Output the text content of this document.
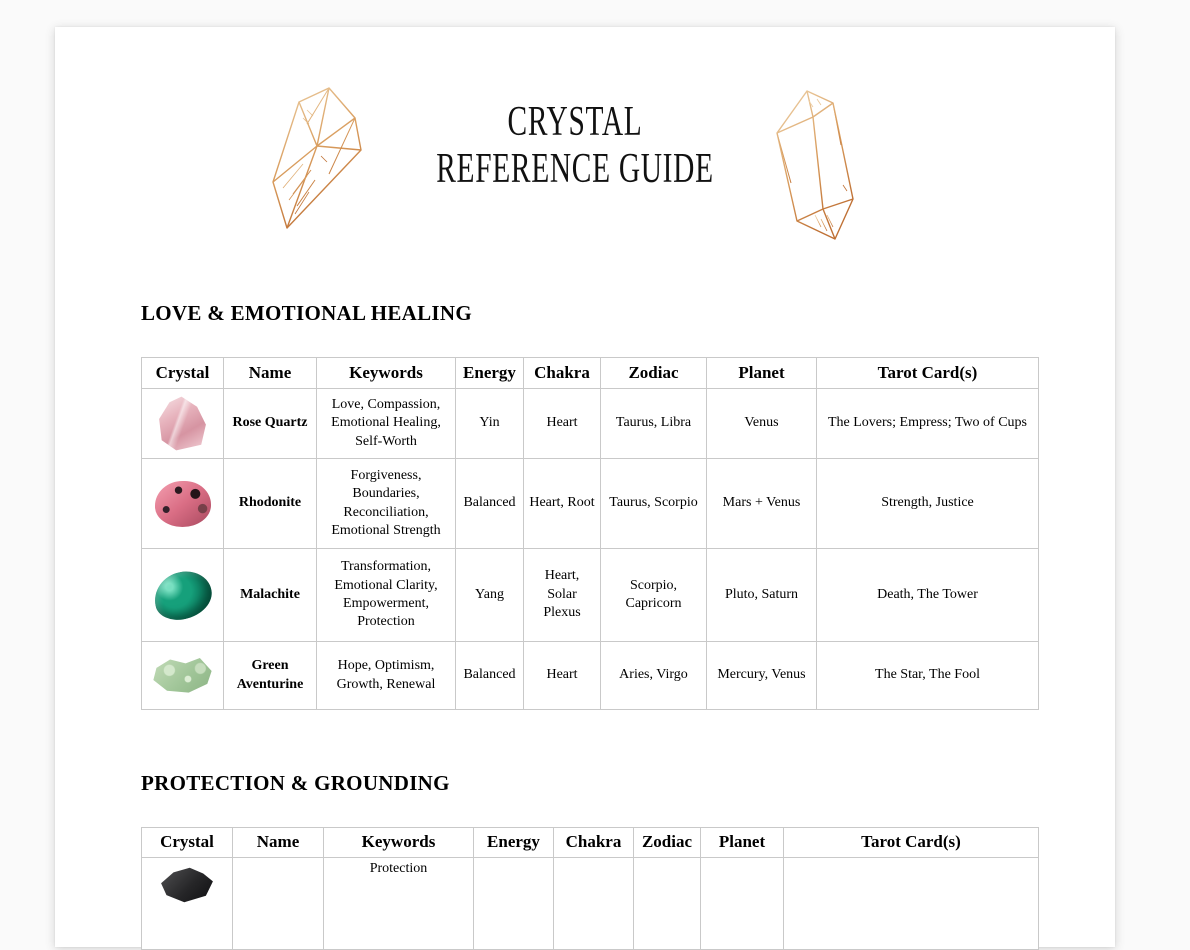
CRYSTAL
REFERENCE GUIDE
LOVE & EMOTIONAL HEALING
Crystal	Name	Keywords	Energy	Chakra	Zodiac	Planet	Tarot Card(s)

	Rose Quartz	Love, Compassion, Emotional Healing, Self-Worth	Yin	Heart	Taurus, Libra	Venus	The Lovers; Empress; Two of Cups

	Rhodonite	Forgiveness, Boundaries, Reconciliation, Emotional Strength	Balanced	Heart, Root	Taurus, Scorpio	Mars + Venus	Strength, Justice

	Malachite	Transformation, Emotional Clarity, Empowerment, Protection	Yang	Heart, Solar Plexus	Scorpio, Capricorn	Pluto, Saturn	Death, The Tower

	Green Aventurine	Hope, Optimism, Growth, Renewal	Balanced	Heart	Aries, Virgo	Mercury, Venus	The Star, The Fool
PROTECTION & GROUNDING
Crystal	Name	Keywords	Energy	Chakra	Zodiac	Planet	Tarot Card(s)

		Protection					
